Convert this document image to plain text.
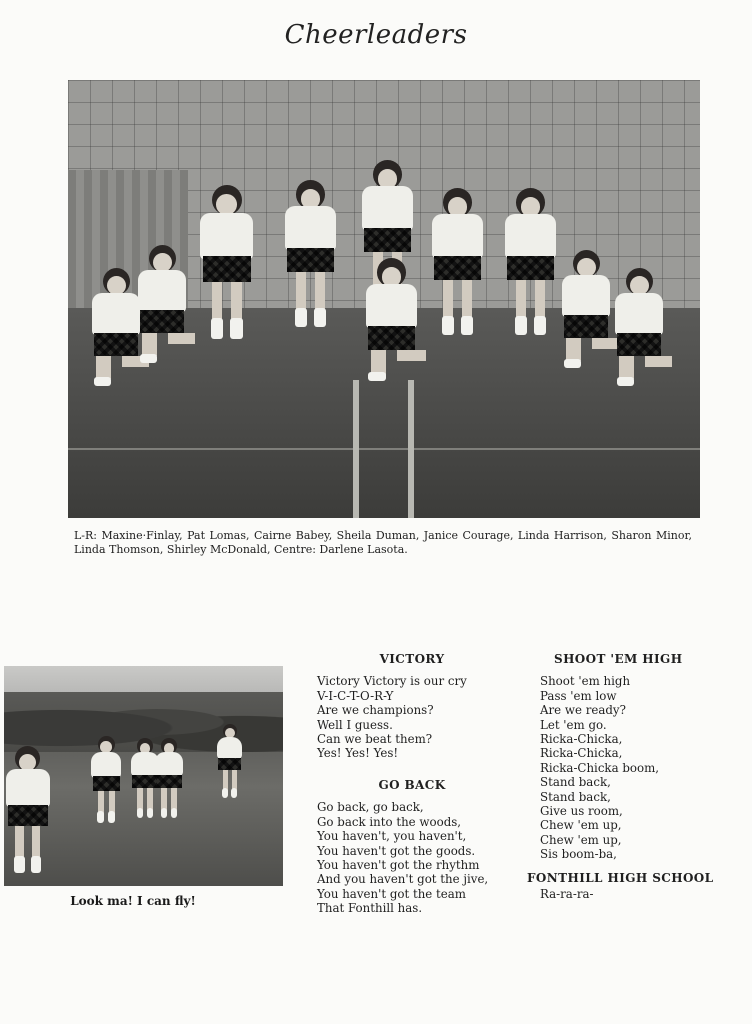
Cheerleaders
L-R: Maxine·Finlay, Pat Lomas, Cairne Babey, Sheila Duman, Janice Courage, Linda Harrison, Sharon Minor, Linda Thomson, Shirley McDonald, Centre: Darlene Lasota.
Look ma! I can fly!
VICTORY
Victory Victory is our cry
V-I-C-T-O-R-Y
Are we champions?
Well I guess.
Can we beat them?
Yes! Yes! Yes!
GO BACK
Go back, go back,
Go back into the woods,
You haven't, you haven't,
You haven't got the goods.
You haven't got the rhythm
And you haven't got the jive,
You haven't got the team
That Fonthill has.
SHOOT 'EM HIGH
Shoot 'em high
Pass 'em low
Are we ready?
Let 'em go.
Ricka-Chicka,
Ricka-Chicka,
Ricka-Chicka boom,
Stand back,
Stand back,
Give us room,
Chew 'em up,
Chew 'em up,
Sis boom-ba,
FONTHILL HIGH SCHOOL
Ra-ra-ra-
